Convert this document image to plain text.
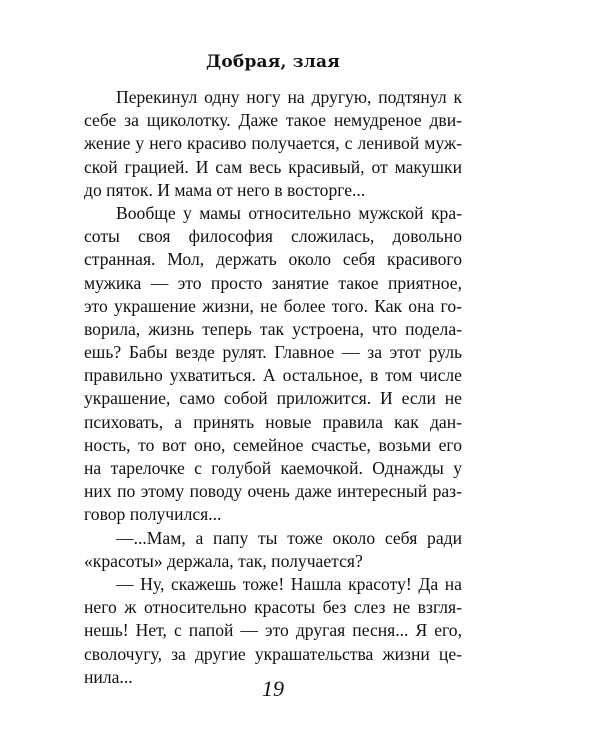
Добрая, злая
Перекинул одну ногу на другую, подтянул к
себе за щиколотку. Даже такое немудреное дви-
жение у него красиво получается, с ленивой муж-
ской грацией. И сам весь красивый, от макушки
до пяток. И мама от него в восторге...
Вообще у мамы относительно мужской кра-
соты своя философия сложилась, довольно
странная. Мол, держать около себя красивого
мужика — это просто занятие такое приятное,
это украшение жизни, не более того. Как она го-
ворила, жизнь теперь так устроена, что подела-
ешь? Бабы везде рулят. Главное — за этот руль
правильно ухватиться. А остальное, в том числе
украшение, само собой приложится. И если не
психовать, а принять новые правила как дан-
ность, то вот оно, семейное счастье, возьми его
на тарелочке с голубой каемочкой. Однажды у
них по этому поводу очень даже интересный раз-
говор получился...
—...Мам, а папу ты тоже около себя ради
«красоты» держала, так, получается?
— Ну, скажешь тоже! Нашла красоту! Да на
него ж относительно красоты без слез не взгля-
нешь! Нет, с папой — это другая песня... Я его,
сволочугу, за другие украшательства жизни це-
нила...	19
